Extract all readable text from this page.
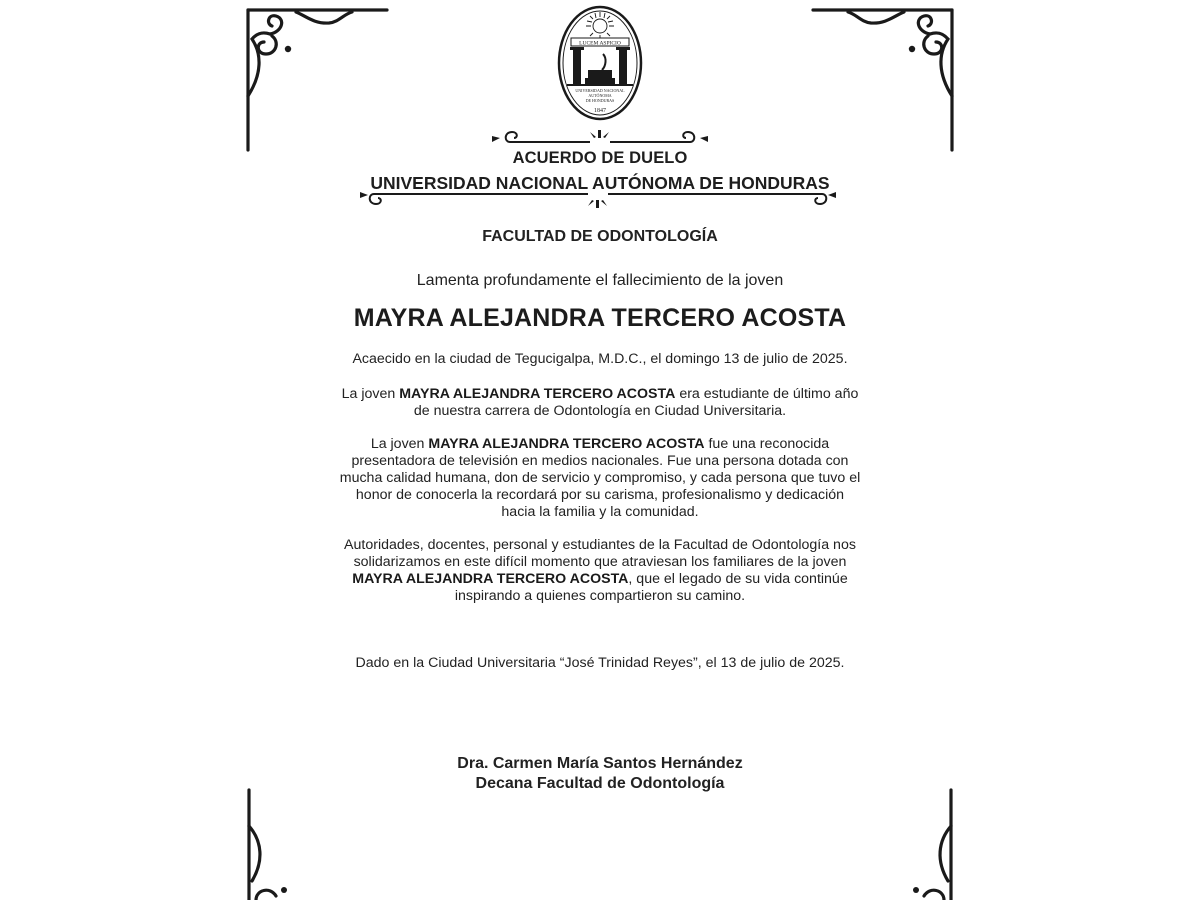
LUCEM ASPICIO
UNIVERSIDAD NACIONAL
AUTÓNOMA
DE HONDURAS
1847
ACUERDO DE DUELO
UNIVERSIDAD NACIONAL AUTÓNOMA DE HONDURAS
FACULTAD DE ODONTOLOGÍA
Lamenta profundamente el fallecimiento de la joven
MAYRA ALEJANDRA TERCERO ACOSTA
Acaecido en la ciudad de Tegucigalpa, M.D.C., el domingo 13 de julio de 2025.
La joven MAYRA ALEJANDRA TERCERO ACOSTA era estudiante de último año
de nuestra carrera de Odontología en Ciudad Universitaria.
La joven MAYRA ALEJANDRA TERCERO ACOSTA fue una reconocida
presentadora de televisión en medios nacionales. Fue una persona dotada con
mucha calidad humana, don de servicio y compromiso, y cada persona que tuvo el
honor de conocerla la recordará por su carisma, profesionalismo y dedicación
hacia la familia y la comunidad.
Autoridades, docentes, personal y estudiantes de la Facultad de Odontología nos
solidarizamos en este difícil momento que atraviesan los familiares de la joven
MAYRA ALEJANDRA TERCERO ACOSTA, que el legado de su vida continúe
inspirando a quienes compartieron su camino.
Dado en la Ciudad Universitaria “José Trinidad Reyes”, el 13 de julio de 2025.
Dra. Carmen María Santos Hernández
Decana Facultad de Odontología
